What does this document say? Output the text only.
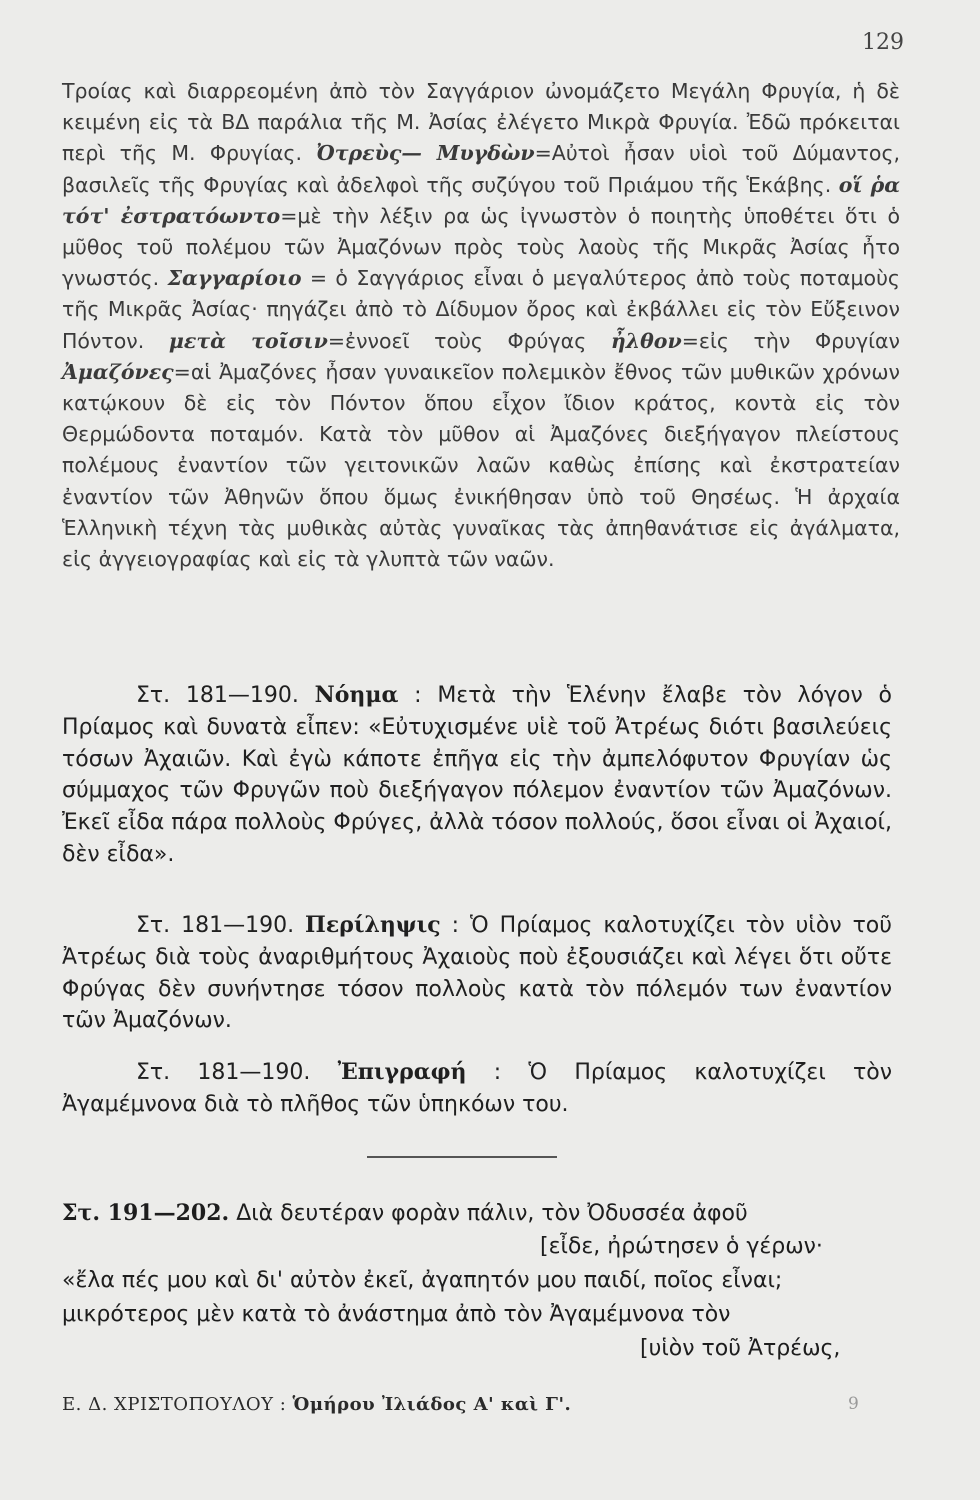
129
Τροίας καὶ διαρρεομένη ἀπὸ τὸν Σαγγάριον ὠνομάζετο Μεγάλη Φρυγία, ἡ δὲ κειμένη εἰς τὰ ΒΔ παράλια τῆς Μ. Ἀσίας ἐλέγετο Μικρὰ Φρυγία. Ἐδῶ πρόκειται περὶ τῆς Μ. Φρυγίας. Ὀτρεὺς— Μυγδὼν=Αὐτοὶ ἦσαν υἱοὶ τοῦ Δύμαντος, βασιλεῖς τῆς Φρυγίας καὶ ἀδελφοὶ τῆς συζύγου τοῦ Πριάμου τῆς Ἑκάβης. οἵ ῥα τότ' ἐστρατόωντο=μὲ τὴν λέξιν ρα ὡς ἰγνωστὸν ὁ ποιητὴς ὑποθέτει ὅτι ὁ μῦθος τοῦ πολέμου τῶν Ἀμαζόνων πρὸς τοὺς λαοὺς τῆς Μικρᾶς Ἀσίας ἦτο γνωστός. Σαγγαρίοιο = ὁ Σαγγάριος εἶναι ὁ μεγαλύτερος ἀπὸ τοὺς ποταμοὺς τῆς Μικρᾶς Ἀσίας· πηγάζει ἀπὸ τὸ Δίδυμον ὄρος καὶ ἐκβάλλει εἰς τὸν Εὔξεινον Πόντον. μετὰ τοῖσιν=ἐννοεῖ τοὺς Φρύγας ἦλθον=εἰς τὴν Φρυγίαν Ἀμαζόνες=αἱ Ἀμαζόνες ἦσαν γυναικεῖον πολεμικὸν ἔθνος τῶν μυθικῶν χρόνων κατῴκουν δὲ εἰς τὸν Πόντον ὅπου εἶχον ἴδιον κράτος, κοντὰ εἰς τὸν Θερμώδοντα ποταμόν. Κατὰ τὸν μῦθον αἱ Ἀμαζόνες διεξήγαγον πλείστους πολέμους ἐναντίον τῶν γειτονικῶν λαῶν καθὼς ἐπίσης καὶ ἐκστρατείαν ἐναντίον τῶν Ἀθηνῶν ὅπου ὅμως ἐνικήθησαν ὑπὸ τοῦ Θησέως. Ἡ ἀρχαία Ἑλληνικὴ τέχνη τὰς μυθικὰς αὐτὰς γυναῖκας τὰς ἀπηθανάτισε εἰς ἀγάλματα, εἰς ἀγγειογραφίας καὶ εἰς τὰ γλυπτὰ τῶν ναῶν.
Στ. 181—190. Νόημα : Μετὰ τὴν Ἑλένην ἔλαβε τὸν λόγον ὁ Πρίαμος καὶ δυνατὰ εἶπεν: «Εὐτυχισμένε υἱὲ τοῦ Ἀτρέως διότι βασιλεύεις τόσων Ἀχαιῶν. Καὶ ἐγὼ κάποτε ἐπῆγα εἰς τὴν ἀμπελόφυτον Φρυγίαν ὡς σύμμαχος τῶν Φρυγῶν ποὺ διεξήγαγον πόλεμον ἐναντίον τῶν Ἀμαζόνων. Ἐκεῖ εἶδα πάρα πολλοὺς Φρύγες, ἀλλὰ τόσον πολλούς, ὅσοι εἶναι οἱ Ἀχαιοί, δὲν εἶδα».
Στ. 181—190. Περίληψις : Ὁ Πρίαμος καλοτυχίζει τὸν υἱὸν τοῦ Ἀτρέως διὰ τοὺς ἀναριθμήτους Ἀχαιοὺς ποὺ ἐξουσιάζει καὶ λέγει ὅτι οὔτε Φρύγας δὲν συνήντησε τόσον πολλοὺς κατὰ τὸν πόλεμόν των ἐναντίον τῶν Ἀμαζόνων.
Στ. 181—190. Ἐπιγραφή : Ὁ Πρίαμος καλοτυχίζει τὸν Ἀγαμέμνονα διὰ τὸ πλῆθος τῶν ὑπηκόων του.
Στ. 191—202. Διὰ δευτέραν φορὰν πάλιν, τὸν Ὀδυσσέα ἀφοῦ
[εἶδε, ἠρώτησεν ὁ γέρων·
«ἔλα πές μου καὶ δι' αὐτὸν ἐκεῖ, ἀγαπητόν μου παιδί, ποῖος εἶναι;
μικρότερος μὲν κατὰ τὸ ἀνάστημα ἀπὸ τὸν Ἀγαμέμνονα τὸν
[υἱὸν τοῦ Ἀτρέως,
Ε. Δ. ΧΡΙΣΤΟΠΟΥΛΟΥ : Ὁμήρου Ἰλιάδος Α' καὶ Γ'.	9
